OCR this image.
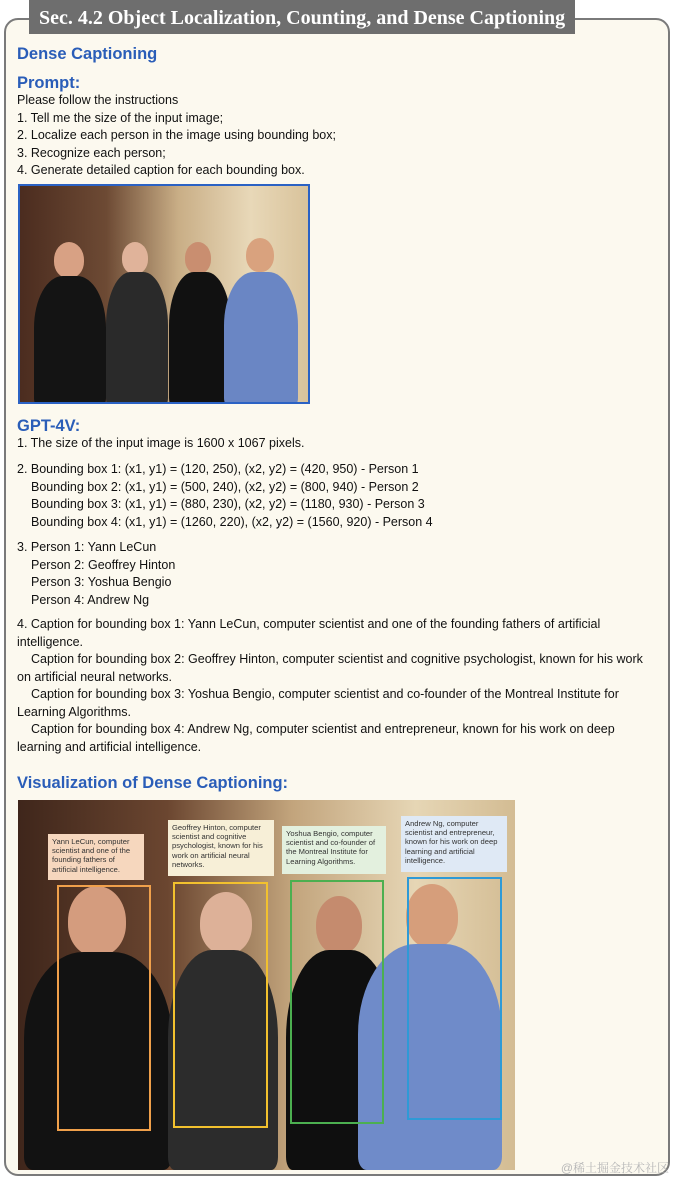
Sec. 4.2 Object Localization, Counting, and Dense Captioning
Dense Captioning
Prompt:
Please follow the instructions
1. Tell me the size of the input image;
2. Localize each person in the image using bounding box;
3. Recognize each person;
4. Generate detailed caption for each bounding box.
GPT-4V:
1. The size of the input image is 1600 x 1067 pixels.
2. Bounding box 1: (x1, y1) = (120, 250), (x2, y2) = (420, 950) - Person 1
Bounding box 2: (x1, y1) = (500, 240), (x2, y2) = (800, 940) - Person 2
Bounding box 3: (x1, y1) = (880, 230), (x2, y2) = (1180, 930) - Person 3
Bounding box 4: (x1, y1) = (1260, 220), (x2, y2) = (1560, 920) - Person 4
3. Person 1: Yann LeCun
Person 2: Geoffrey Hinton
Person 3: Yoshua Bengio
Person 4: Andrew Ng
4. Caption for bounding box 1: Yann LeCun, computer scientist and one of the founding fathers of artificial intelligence.
Caption for bounding box 2: Geoffrey Hinton, computer scientist and cognitive psychologist, known for his work on artificial neural networks.
Caption for bounding box 3: Yoshua Bengio, computer scientist and co-founder of the Montreal Institute for Learning Algorithms.
Caption for bounding box 4: Andrew Ng, computer scientist and entrepreneur, known for his work on deep learning and artificial intelligence.
Visualization of Dense Captioning:
Yann LeCun, computer scientist and one of the founding fathers of artificial intelligence.
Geoffrey Hinton, computer scientist and cognitive psychologist, known for his work on artificial neural networks.
Yoshua Bengio, computer scientist and co-founder of the Montreal Institute for Learning Algorithms.
Andrew Ng, computer scientist and entrepreneur, known for his work on deep learning and artificial intelligence.
@稀土掘金技术社区
